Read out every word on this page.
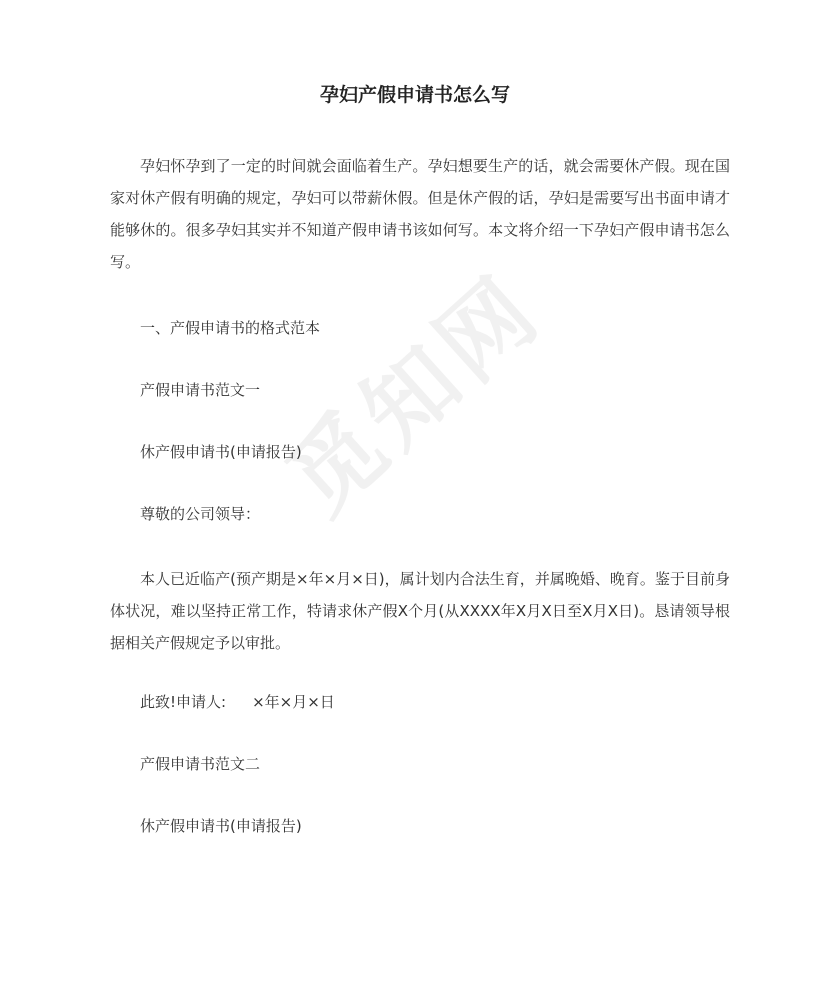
觅知网
孕妇产假申请书怎么写

孕妇怀孕到了一定的时间就会面临着生产。孕妇想要生产的话，就会需要休产假。现在国家对休产假有明确的规定，孕妇可以带薪休假。但是休产假的话，孕妇是需要写出书面申请才能够休的。很多孕妇其实并不知道产假申请书该如何写。本文将介绍一下孕妇产假申请书怎么写。

一、产假申请书的格式范本

产假申请书范文一

休产假申请书(申请报告)

尊敬的公司领导：

本人已近临产(预产期是×年×月×日)，属计划内合法生育，并属晚婚、晚育。鉴于目前身体状况，难以坚持正常工作，特请求休产假Ⅹ个月(从XXXX年Ⅹ月Ⅹ日至Ⅹ月Ⅹ日)。恳请领导根据相关产假规定予以审批。

此致!申请人: ×年×月×日

产假申请书范文二

休产假申请书(申请报告)
